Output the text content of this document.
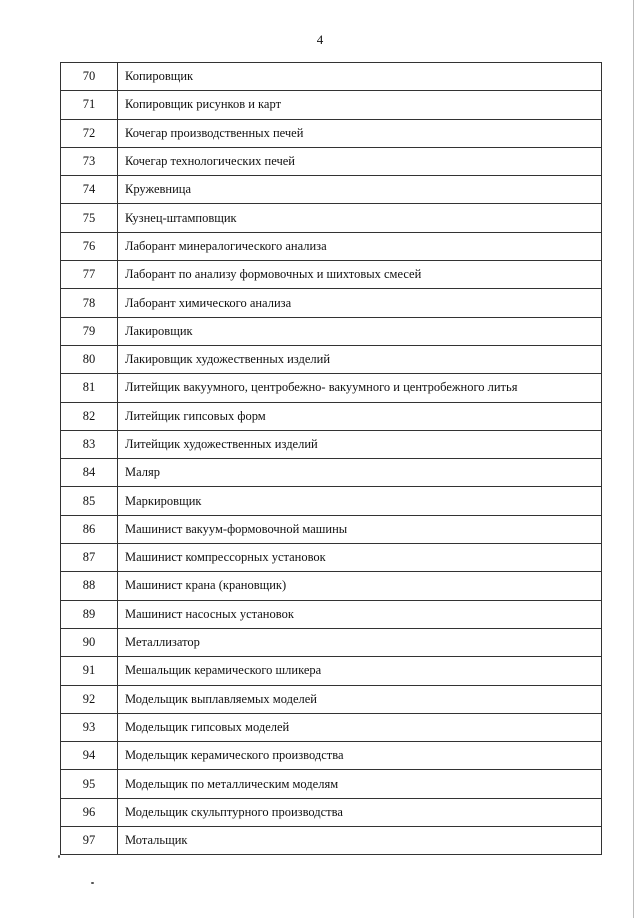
4
70	Копировщик
71	Копировщик рисунков и карт
72	Кочегар производственных печей
73	Кочегар технологических печей
74	Кружевница
75	Кузнец-штамповщик
76	Лаборант минералогического анализа
77	Лаборант по анализу формовочных и шихтовых смесей
78	Лаборант химического анализа
79	Лакировщик
80	Лакировщик художественных изделий
81	Литейщик вакуумного, центробежно- вакуумного и центробежного литья
82	Литейщик гипсовых форм
83	Литейщик художественных изделий
84	Маляр
85	Маркировщик
86	Машинист вакуум-формовочной машины
87	Машинист компрессорных установок
88	Машинист крана (крановщик)
89	Машинист насосных установок
90	Металлизатор
91	Мешальщик керамического шликера
92	Модельщик выплавляемых моделей
93	Модельщик гипсовых моделей
94	Модельщик керамического производства
95	Модельщик по металлическим моделям
96	Модельщик скульптурного производства
97	Мотальщик
